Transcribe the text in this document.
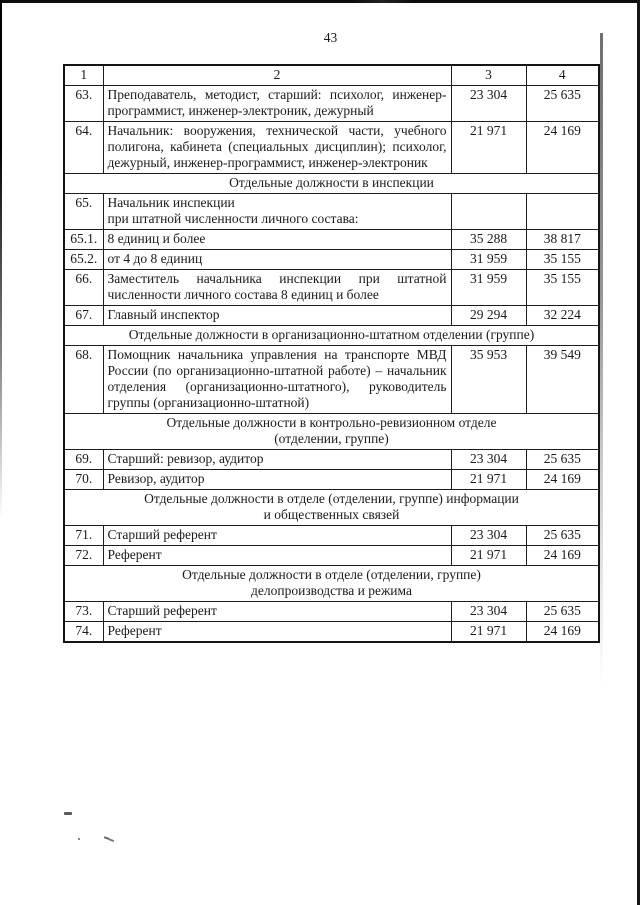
43
1	2	3	4
63.	Преподаватель, методист, старший: психолог, инженер-программист, инженер-электроник, дежурный	23 304	25 635
64.	Начальник: вооружения, технической части, учебного полигона, кабинета (специальных дисциплин); психолог, дежурный, инженер-программист, инженер-электроник	21 971	24 169

Отдельные должности в инспекции			

65.	Начальник инспекции
при штатной численности личного состава:		

65.1.	8 единиц и более	35 288	38 817
65.2.	от 4 до 8 единиц	31 959	35 155
66.	Заместитель начальника инспекции при штатной численности личного состава 8 единиц и более	31 959	35 155
67.	Главный инспектор	29 294	32 224

Отдельные должности в организационно-штатном отделении (группе)			

68.	Помощник начальника управления на транспорте МВД России (по организационно-штатной работе) – начальник отделения (организационно-штатного), руководитель группы (организационно-штатной)	35 953	39 549

Отдельные должности в контрольно-ревизионном отделе
(отделении, группе)			

69.	Старший: ревизор, аудитор	23 304	25 635
70.	Ревизор, аудитор	21 971	24 169

Отдельные должности в отделе (отделении, группе) информации
и общественных связей			

71.	Старший референт	23 304	25 635
72.	Референт	21 971	24 169

Отдельные должности в отделе (отделении, группе)
делопроизводства и режима			

73.	Старший референт	23 304	25 635
74.	Референт	21 971	24 169
